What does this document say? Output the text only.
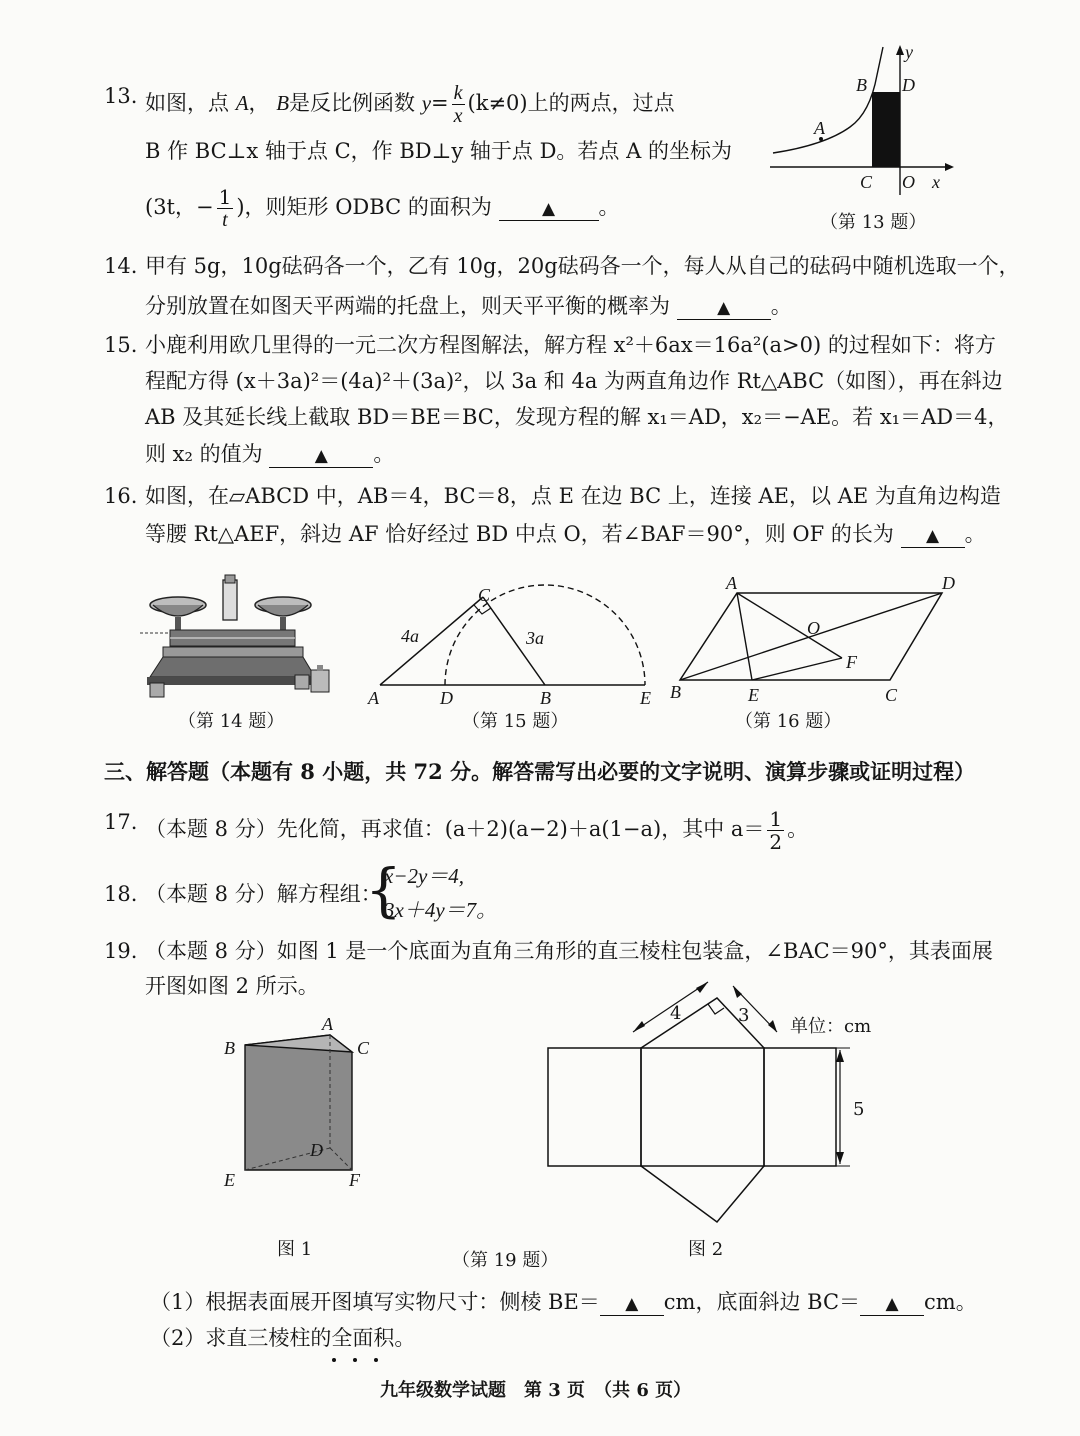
13. 如图，点 A， B是反比例函数 $y= \frac{k}{x} (k\ne 0)$上的两点，过点
B 作 BC⊥x 轴于点 C，作 BD⊥y 轴于点 D。若点 A 的坐标为
(3t，− $\frac{1}{t}$ )，则矩形 ODBC 的面积为	▲ 。
B D
A
C O x
y
（第 13 题）
14. 甲有 5g，10g砝码各一个，乙有 10g，20g砝码各一个，每人从自己的砝码中随机选取一个，
分别放置在如图天平两端的托盘上，则天平平衡的概率为	▲ 。
15. 小鹿利用欧几里得的一元二次方程图解法，解方程 x²＋6ax＝16a²(a>0) 的过程如下：将方
程配方得 (x＋3a)²＝(4a)²＋(3a)²，以 3a 和 4a 为两直角边作 Rt△ABC（如图），再在斜边
AB 及其延长线上截取 BD＝BE＝BC，发现方程的解 x₁＝AD，x₂＝−AE。若 x₁＝AD＝4，
则 x₂ 的值为	▲ 。
16. 如图，在▱ABCD 中，AB＝4，BC＝8，点 E 在边 BC 上，连接 AE，以 AE 为直角边构造
等腰 Rt△AEF，斜边 AF 恰好经过 BD 中点 O，若∠BAF＝90°，则 OF 的长为 ▲ 。
（第 14 题）
C
4a	3a
A	D	B	E
（第 15 题）
A	D
O
F
B	E	C
（第 16 题）
三、解答题（本题有 8 小题，共 72 分。解答需写出必要的文字说明、演算步骤或证明过程）
17. （本题 8 分）先化简，再求值：(a＋2)(a−2)＋a(1−a)，其中 $a= \frac{1}{2}$ 。
18. （本题 8 分）解方程组：
{
x−2y＝4,
3x＋4y＝7。
19. （本题 8 分）如图 1 是一个底面为直角三角形的直三棱柱包装盒，∠BAC＝90°，其表面展
开图如图 2 所示。
A
B	C
D
E	F
图 1
4	3
5
单位：cm
图 2
（第 19 题）
（1）根据表面展开图填写实物尺寸：侧棱 BE＝ ▲ cm，底面斜边 BC＝ ▲ cm。
（2）求直三棱柱的全面积。
九年级数学试题　第 3 页　（共 6 页）
